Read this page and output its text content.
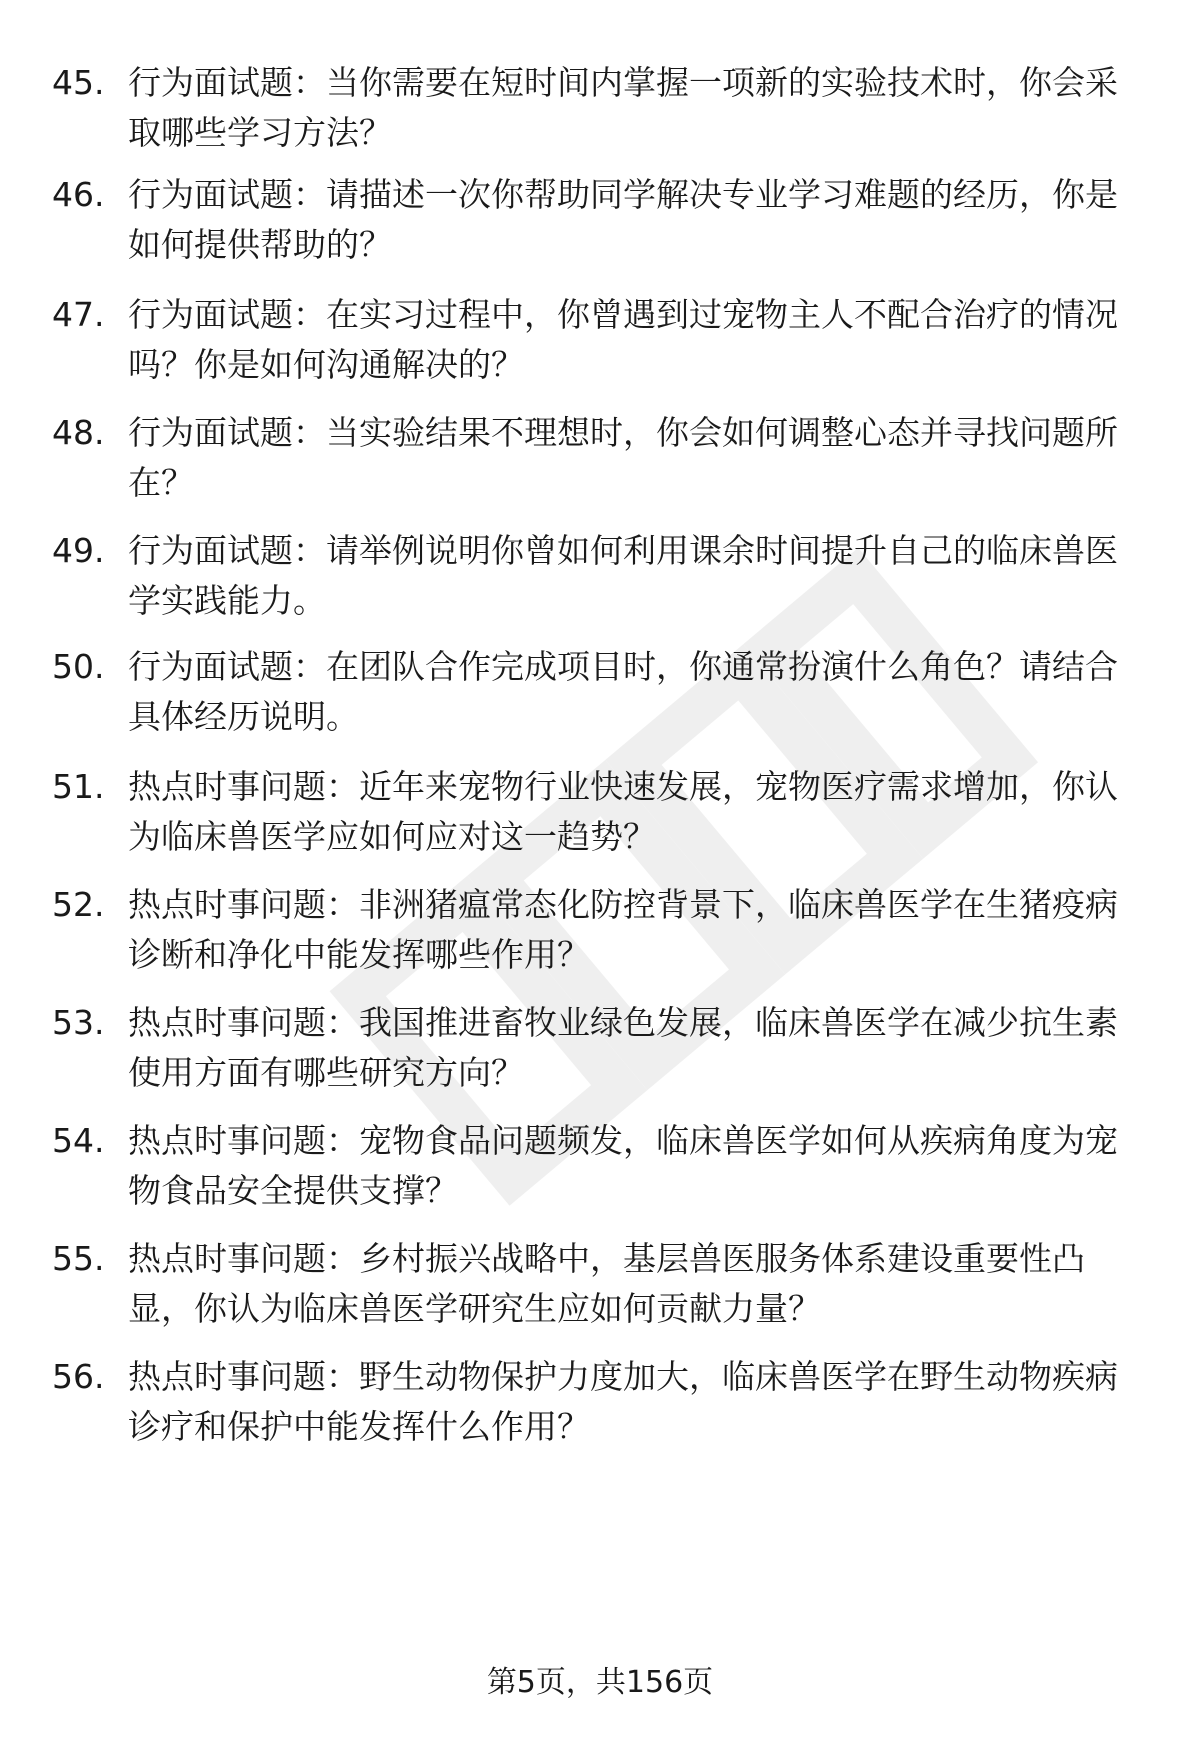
45. 行为面试题：当你需要在短时间内掌握一项新的实验技术时，你会采取哪些学习方法？
46. 行为面试题：请描述一次你帮助同学解决专业学习难题的经历，你是如何提供帮助的？
47. 行为面试题：在实习过程中，你曾遇到过宠物主人不配合治疗的情况吗？你是如何沟通解决的？
48. 行为面试题：当实验结果不理想时，你会如何调整心态并寻找问题所在？
49. 行为面试题：请举例说明你曾如何利用课余时间提升自己的临床兽医学实践能力。
50. 行为面试题：在团队合作完成项目时，你通常扮演什么角色？请结合具体经历说明。
51. 热点时事问题：近年来宠物行业快速发展，宠物医疗需求增加，你认为临床兽医学应如何应对这一趋势？
52. 热点时事问题：非洲猪瘟常态化防控背景下，临床兽医学在生猪疫病诊断和净化中能发挥哪些作用？
53. 热点时事问题：我国推进畜牧业绿色发展，临床兽医学在减少抗生素使用方面有哪些研究方向？
54. 热点时事问题：宠物食品问题频发，临床兽医学如何从疾病角度为宠物食品安全提供支撑？
55. 热点时事问题：乡村振兴战略中，基层兽医服务体系建设重要性凸显，你认为临床兽医学研究生应如何贡献力量？
56. 热点时事问题：野生动物保护力度加大，临床兽医学在野生动物疾病诊疗和保护中能发挥什么作用？
第5页，共156页
